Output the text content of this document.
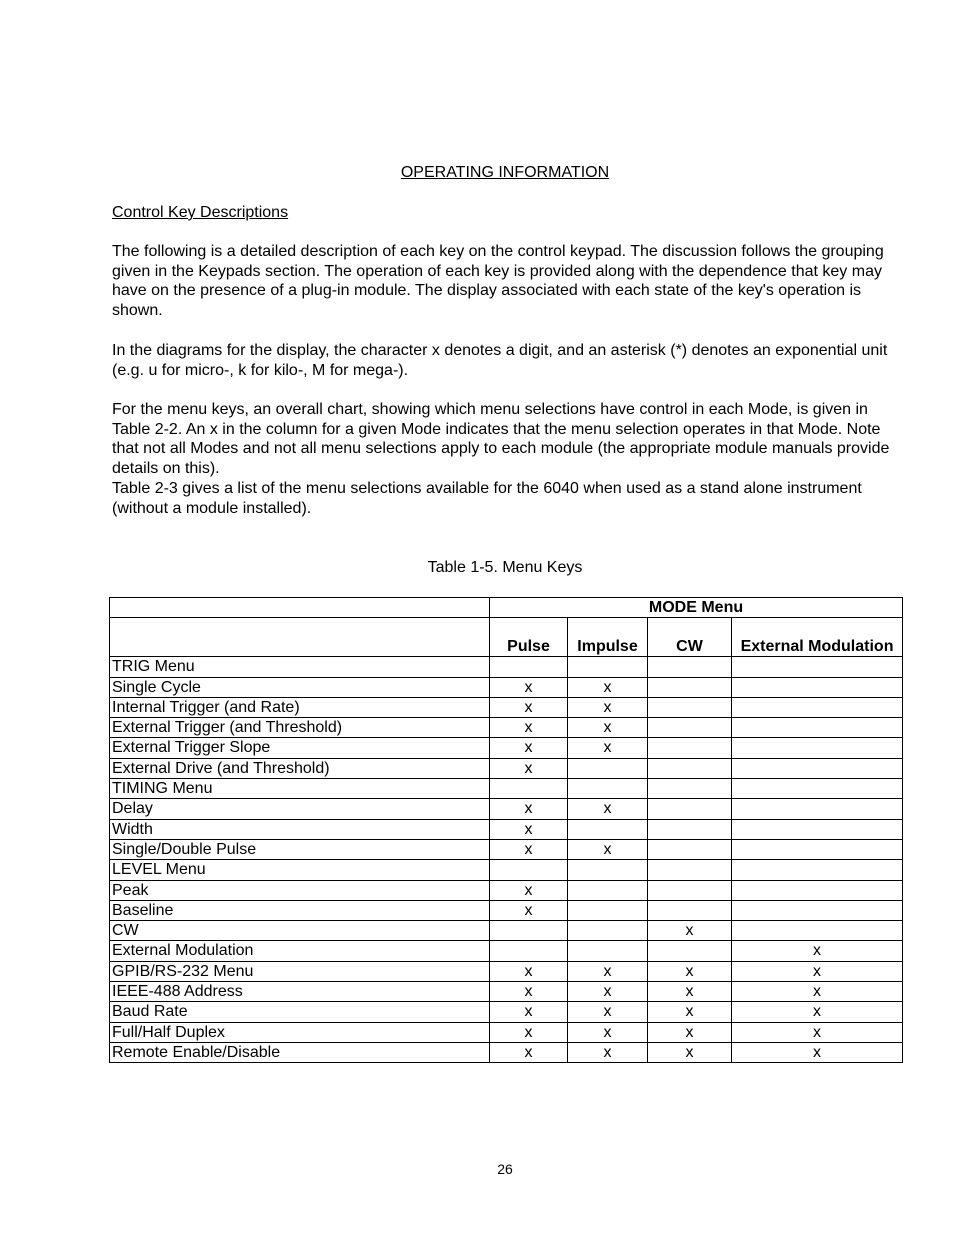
OPERATING INFORMATION
Control Key Descriptions

The following is a detailed description of each key on the control keypad. The discussion follows the grouping given in the Keypads section. The operation of each key is provided along with the dependence that key may have on the presence of a plug-in module. The display associated with each state of the key's operation is shown.

In the diagrams for the display, the character x denotes a digit, and an asterisk (*) denotes an exponential unit (e.g. u for micro-, k for kilo-, M for mega-).

For the menu keys, an overall chart, showing which menu selections have control in each Mode, is given in Table 2-2. An x in the column for a given Mode indicates that the menu selection operates in that Mode. Note that not all Modes and not all menu selections apply to each module (the appropriate module manuals provide details on this).
Table 2-3 gives a list of the menu selections available for the 6040 when used as a stand alone instrument (without a module installed).
Table 1-5. Menu Keys
	MODE Menu			
	Pulse	Impulse	CW	External Modulation
TRIG Menu				
Single Cycle	x	x		
Internal Trigger (and Rate)	x	x		
External Trigger (and Threshold)	x	x		
External Trigger Slope	x	x		
External Drive (and Threshold)	x			
TIMING Menu				
Delay	x	x		
Width	x			
Single/Double Pulse	x	x		
LEVEL Menu				
Peak	x			
Baseline	x			
CW			x	
External Modulation				x
GPIB/RS-232 Menu	x	x	x	x
IEEE-488 Address	x	x	x	x
Baud Rate	x	x	x	x
Full/Half Duplex	x	x	x	x
Remote Enable/Disable	x	x	x	x
26
